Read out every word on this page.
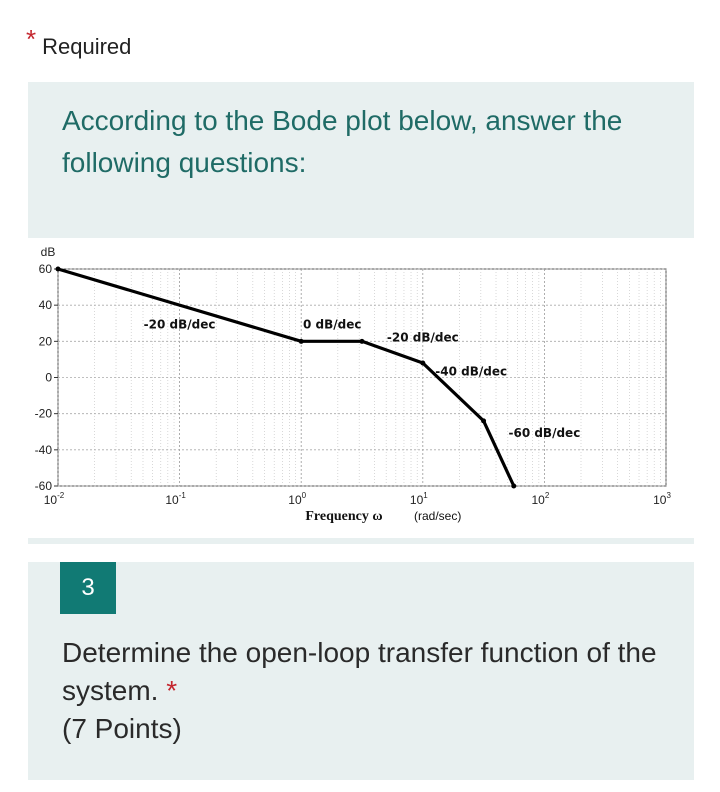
* Required
According to the Bode plot below, answer the following questions:
60
40
20
0
-20
-40
-60
dB
$10^{-2}$	$10^{-1}$	$10^0$	$10^1$	$10^2$	$10^3$
Frequency ω	(rad/sec)
-20 dB/dec	0 dB/dec
-20 dB/dec
-40 dB/dec
-60 dB/dec
3
Determine the open-loop transfer function of the system. *
(7 Points)
